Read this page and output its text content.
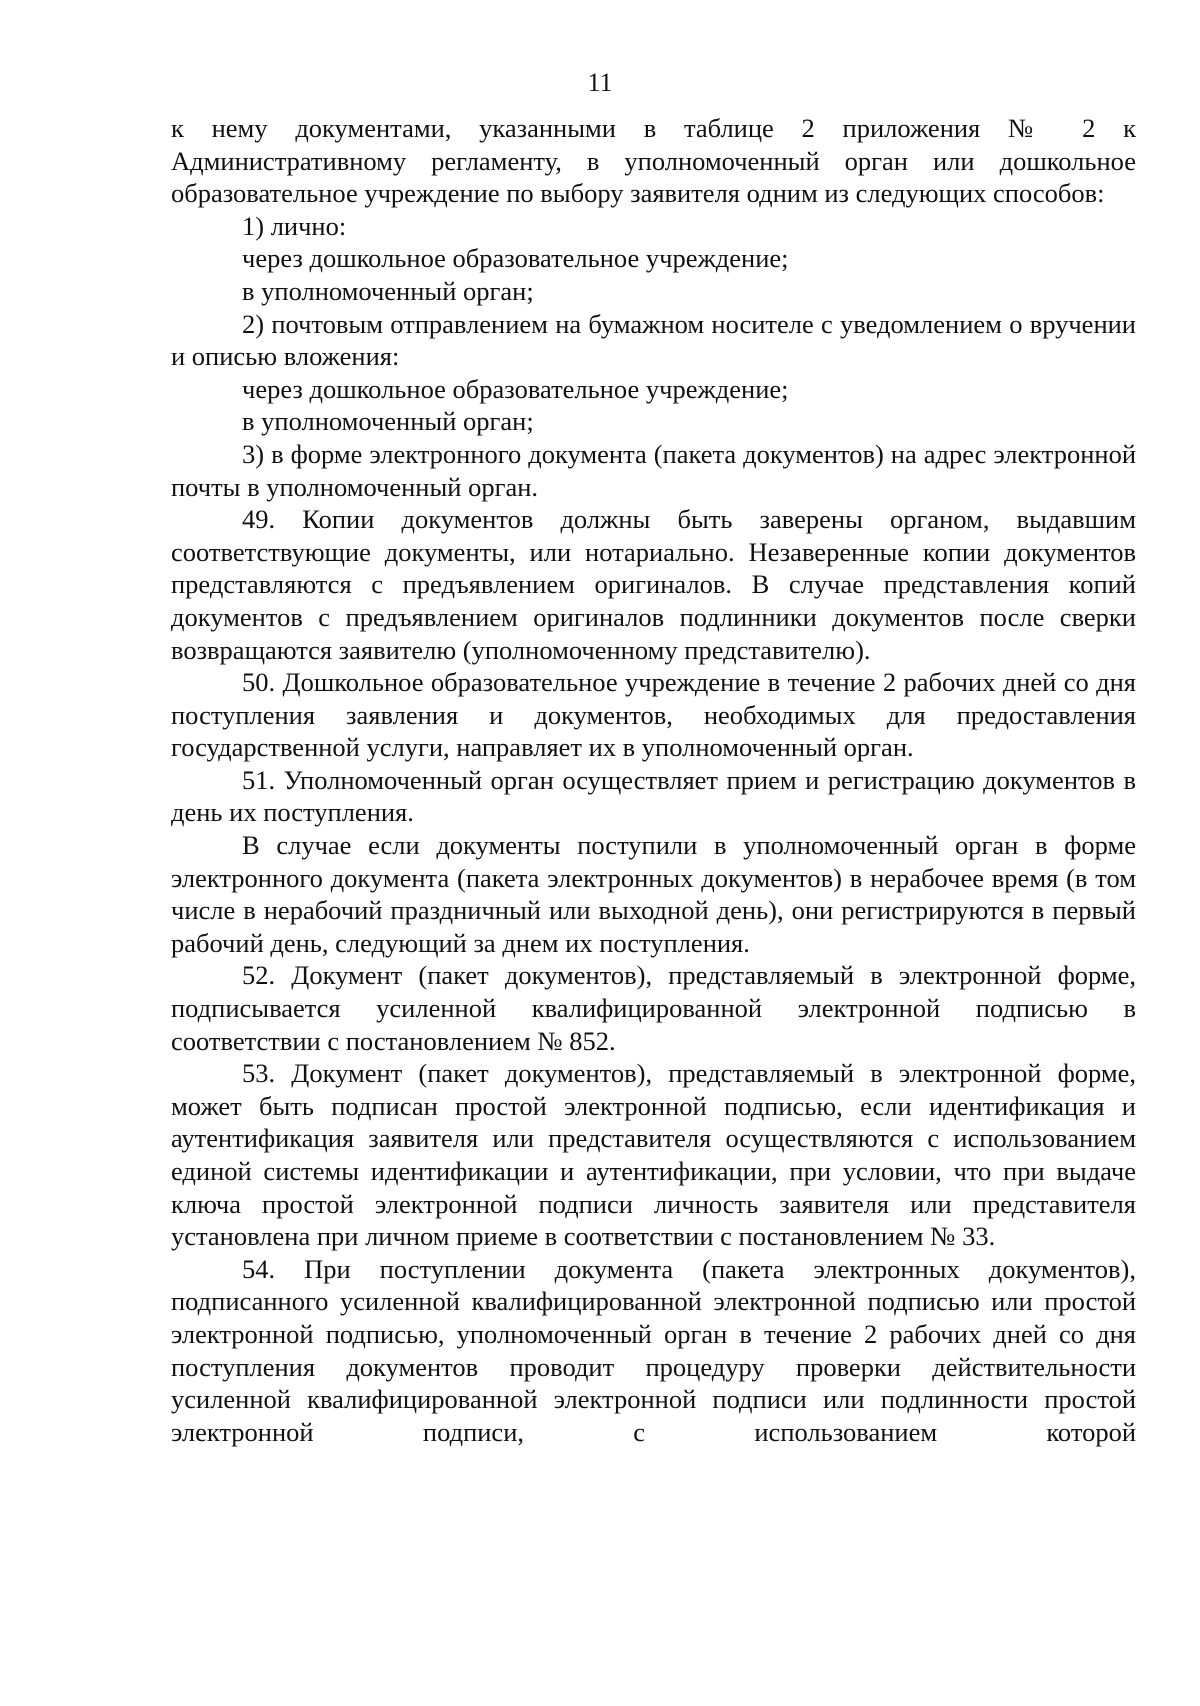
11

к нему документами, указанными в таблице 2 приложения № 2 к Административному регламенту, в уполномоченный орган или дошкольное образовательное учреждение по выбору заявителя одним из следующих способов:

1) лично:

через дошкольное образовательное учреждение;

в уполномоченный орган;

2) почтовым отправлением на бумажном носителе с уведомлением о вручении и описью вложения:

через дошкольное образовательное учреждение;

в уполномоченный орган;

3) в форме электронного документа (пакета документов) на адрес электронной почты в уполномоченный орган.

49. Копии документов должны быть заверены органом, выдавшим соответствующие документы, или нотариально. Незаверенные копии документов представляются с предъявлением оригиналов. В случае представления копий документов с предъявлением оригиналов подлинники документов после сверки возвращаются заявителю (уполномоченному представителю).

50. Дошкольное образовательное учреждение в течение 2 рабочих дней со дня поступления заявления и документов, необходимых для предоставления государственной услуги, направляет их в уполномоченный орган.

51. Уполномоченный орган осуществляет прием и регистрацию документов в день их поступления.

В случае если документы поступили в уполномоченный орган в форме электронного документа (пакета электронных документов) в нерабочее время (в том числе в нерабочий праздничный или выходной день), они регистрируются в первый рабочий день, следующий за днем их поступления.

52. Документ (пакет документов), представляемый в электронной форме, подписывается усиленной квалифицированной электронной подписью в соответствии с постановлением № 852.

53. Документ (пакет документов), представляемый в электронной форме, может быть подписан простой электронной подписью, если идентификация и аутентификация заявителя или представителя осуществляются с использованием единой системы идентификации и аутентификации, при условии, что при выдаче ключа простой электронной подписи личность заявителя или представителя установлена при личном приеме в соответствии с постановлением № 33.

54. При поступлении документа (пакета электронных документов), подписанного усиленной квалифицированной электронной подписью или простой электронной подписью, уполномоченный орган в течение 2 рабочих дней со дня поступления документов проводит процедуру проверки действительности усиленной квалифицированной электронной подписи или подлинности простой электронной подписи, с использованием которой
